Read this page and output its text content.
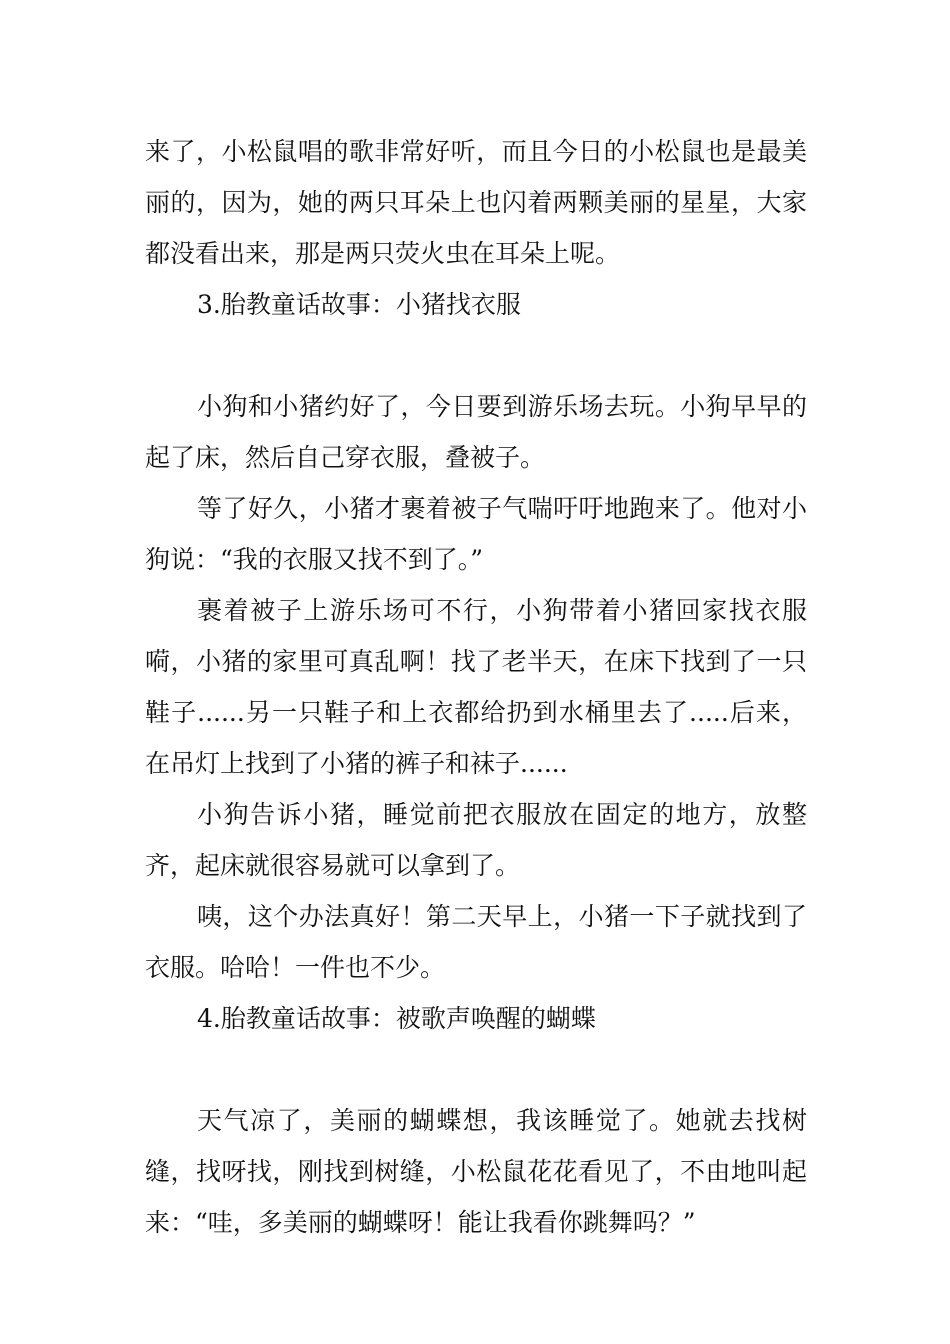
来了，小松鼠唱的歌非常好听，而且今日的小松鼠也是最美丽的，因为，她的两只耳朵上也闪着两颗美丽的星星，大家都没看出来，那是两只荧火虫在耳朵上呢。

3.胎教童话故事：小猪找衣服

小狗和小猪约好了，今日要到游乐场去玩。小狗早早的起了床，然后自己穿衣服，叠被子。

等了好久，小猪才裹着被子气喘吁吁地跑来了。他对小狗说：“我的衣服又找不到了。”

裹着被子上游乐场可不行，小狗带着小猪回家找衣服嗬，小猪的家里可真乱啊！找了老半天，在床下找到了一只鞋子......另一只鞋子和上衣都给扔到水桶里去了.....后来，在吊灯上找到了小猪的裤子和袜子......

小狗告诉小猪，睡觉前把衣服放在固定的地方，放整齐，起床就很容易就可以拿到了。

咦，这个办法真好！第二天早上，小猪一下子就找到了衣服。哈哈！一件也不少。

4.胎教童话故事：被歌声唤醒的蝴蝶

天气凉了，美丽的蝴蝶想，我该睡觉了。她就去找树缝，找呀找，刚找到树缝，小松鼠花花看见了，不由地叫起来：“哇，多美丽的蝴蝶呀！能让我看你跳舞吗？”
